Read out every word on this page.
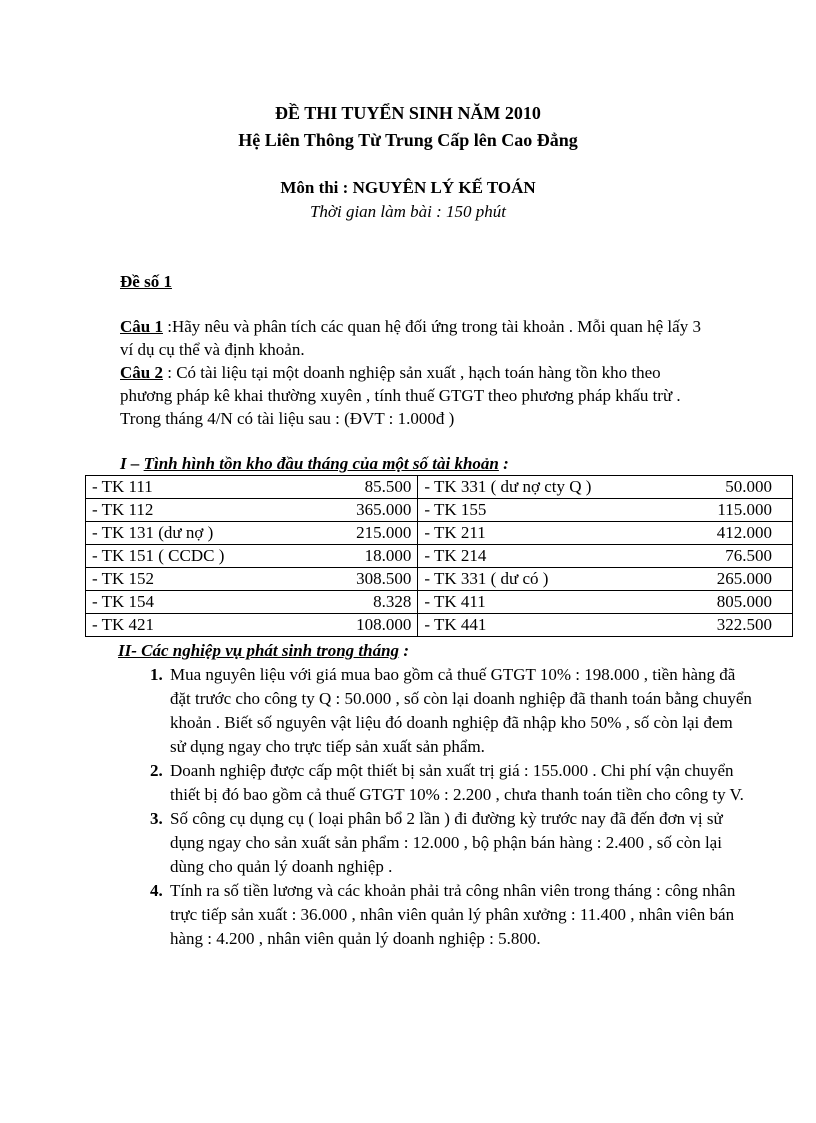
ĐỀ THI TUYỂN SINH NĂM 2010
Hệ Liên Thông Từ Trung Cấp lên Cao Đẳng
Môn thi : NGUYÊN LÝ KẾ TOÁN
Thời gian làm bài : 150 phút
Đề số 1
Câu 1 :Hãy nêu và phân tích các quan hệ đối ứng trong tài khoản . Mỗi quan hệ lấy 3 ví dụ cụ thể và định khoản.
Câu 2 : Có tài liệu tại một doanh nghiệp sản xuất , hạch toán hàng tồn kho theo phương pháp kê khai thường xuyên , tính thuế GTGT theo phương pháp khấu trừ . Trong tháng 4/N có tài liệu sau : (ĐVT : 1.000đ )
I – Tình hình tồn kho đầu tháng của một số tài khoản :
- TK 111	85.500	- TK 331 ( dư nợ cty Q )	50.000
- TK 112	365.000	- TK 155	115.000
- TK 131 (dư nợ )	215.000	- TK 211	412.000
- TK 151 ( CCDC )	18.000	- TK 214	76.500
- TK 152	308.500	- TK 331 ( dư có )	265.000
- TK 154	8.328	- TK 411	805.000
- TK 421	108.000	- TK 441	322.500
II- Các nghiệp vụ phát sinh trong tháng :
1. Mua nguyên liệu với giá mua bao gồm cả thuế GTGT 10% : 198.000 , tiền hàng đã đặt trước cho công ty Q : 50.000 , số còn lại doanh nghiệp đã thanh toán bằng chuyển khoản . Biết số nguyên vật liệu đó doanh nghiệp đã nhập kho 50% , số còn lại đem sử dụng ngay cho trực tiếp sản xuất sản phẩm.
2. Doanh nghiệp được cấp một thiết bị sản xuất trị giá : 155.000 . Chi phí vận chuyển thiết bị đó bao gồm cả thuế GTGT 10% : 2.200 , chưa thanh toán tiền cho công ty V.
3. Số công cụ dụng cụ ( loại phân bổ 2 lần ) đi đường kỳ trước nay đã đến đơn vị sử dụng ngay cho sản xuất sản phẩm : 12.000 , bộ phận bán hàng : 2.400 , số còn lại dùng cho quản lý doanh nghiệp .
4. Tính ra số tiền lương và các khoản phải trả công nhân viên trong tháng : công nhân trực tiếp sản xuất : 36.000 , nhân viên quản lý phân xưởng : 11.400 , nhân viên bán hàng : 4.200 , nhân viên quản lý doanh nghiệp : 5.800.
